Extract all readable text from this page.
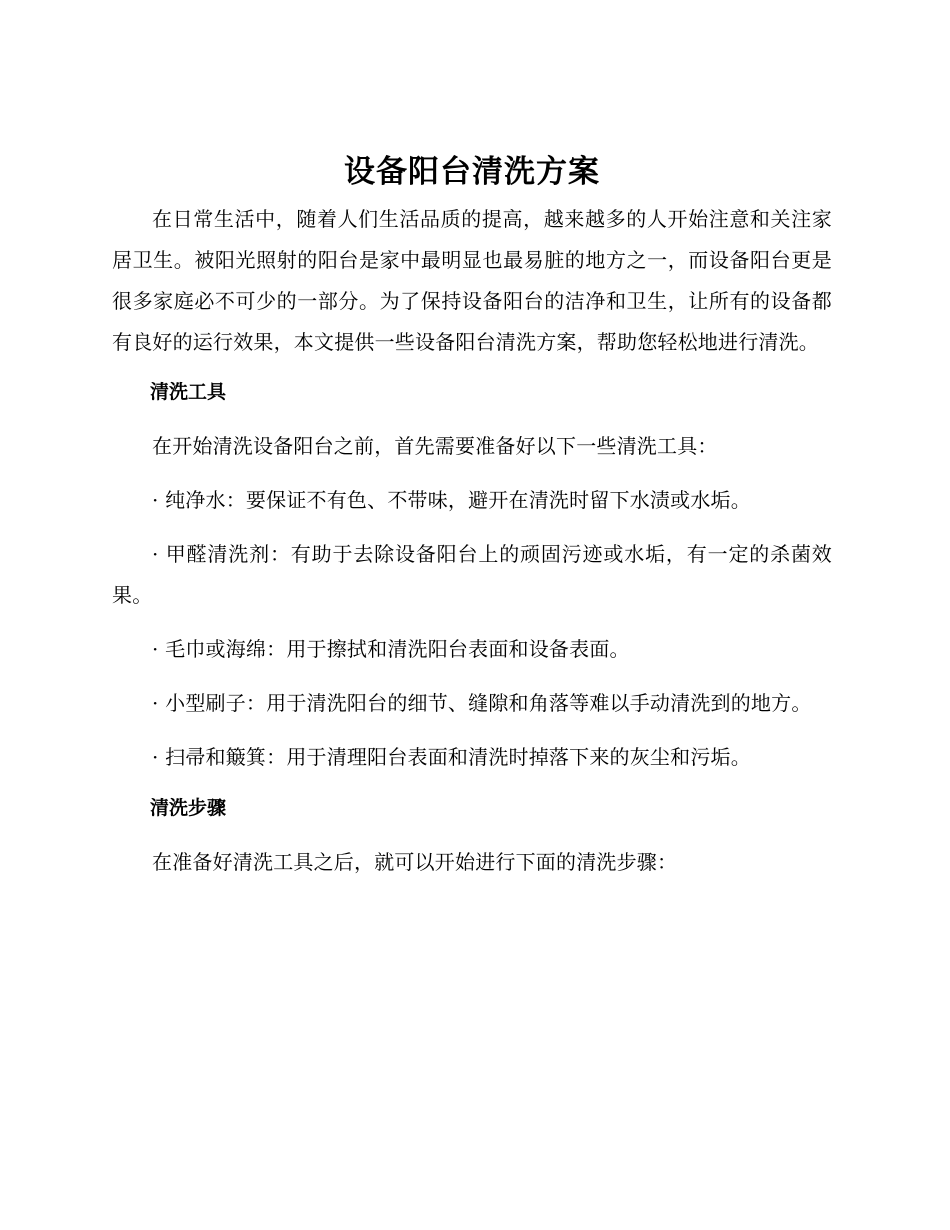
设备阳台清洗方案

在日常生活中，随着人们生活品质的提高，越来越多的人开始注意和关注家居卫生。被阳光照射的阳台是家中最明显也最易脏的地方之一，而设备阳台更是很多家庭必不可少的一部分。为了保持设备阳台的洁净和卫生，让所有的设备都有良好的运行效果，本文提供一些设备阳台清洗方案，帮助您轻松地进行清洗。

清洗工具

在开始清洗设备阳台之前，首先需要准备好以下一些清洗工具：

· 纯净水：要保证不有色、不带味，避开在清洗时留下水渍或水垢。

· 甲醛清洗剂：有助于去除设备阳台上的顽固污迹或水垢，有一定的杀菌效果。

· 毛巾或海绵：用于擦拭和清洗阳台表面和设备表面。

· 小型刷子：用于清洗阳台的细节、缝隙和角落等难以手动清洗到的地方。

· 扫帚和簸箕：用于清理阳台表面和清洗时掉落下来的灰尘和污垢。

清洗步骤

在准备好清洗工具之后，就可以开始进行下面的清洗步骤：
